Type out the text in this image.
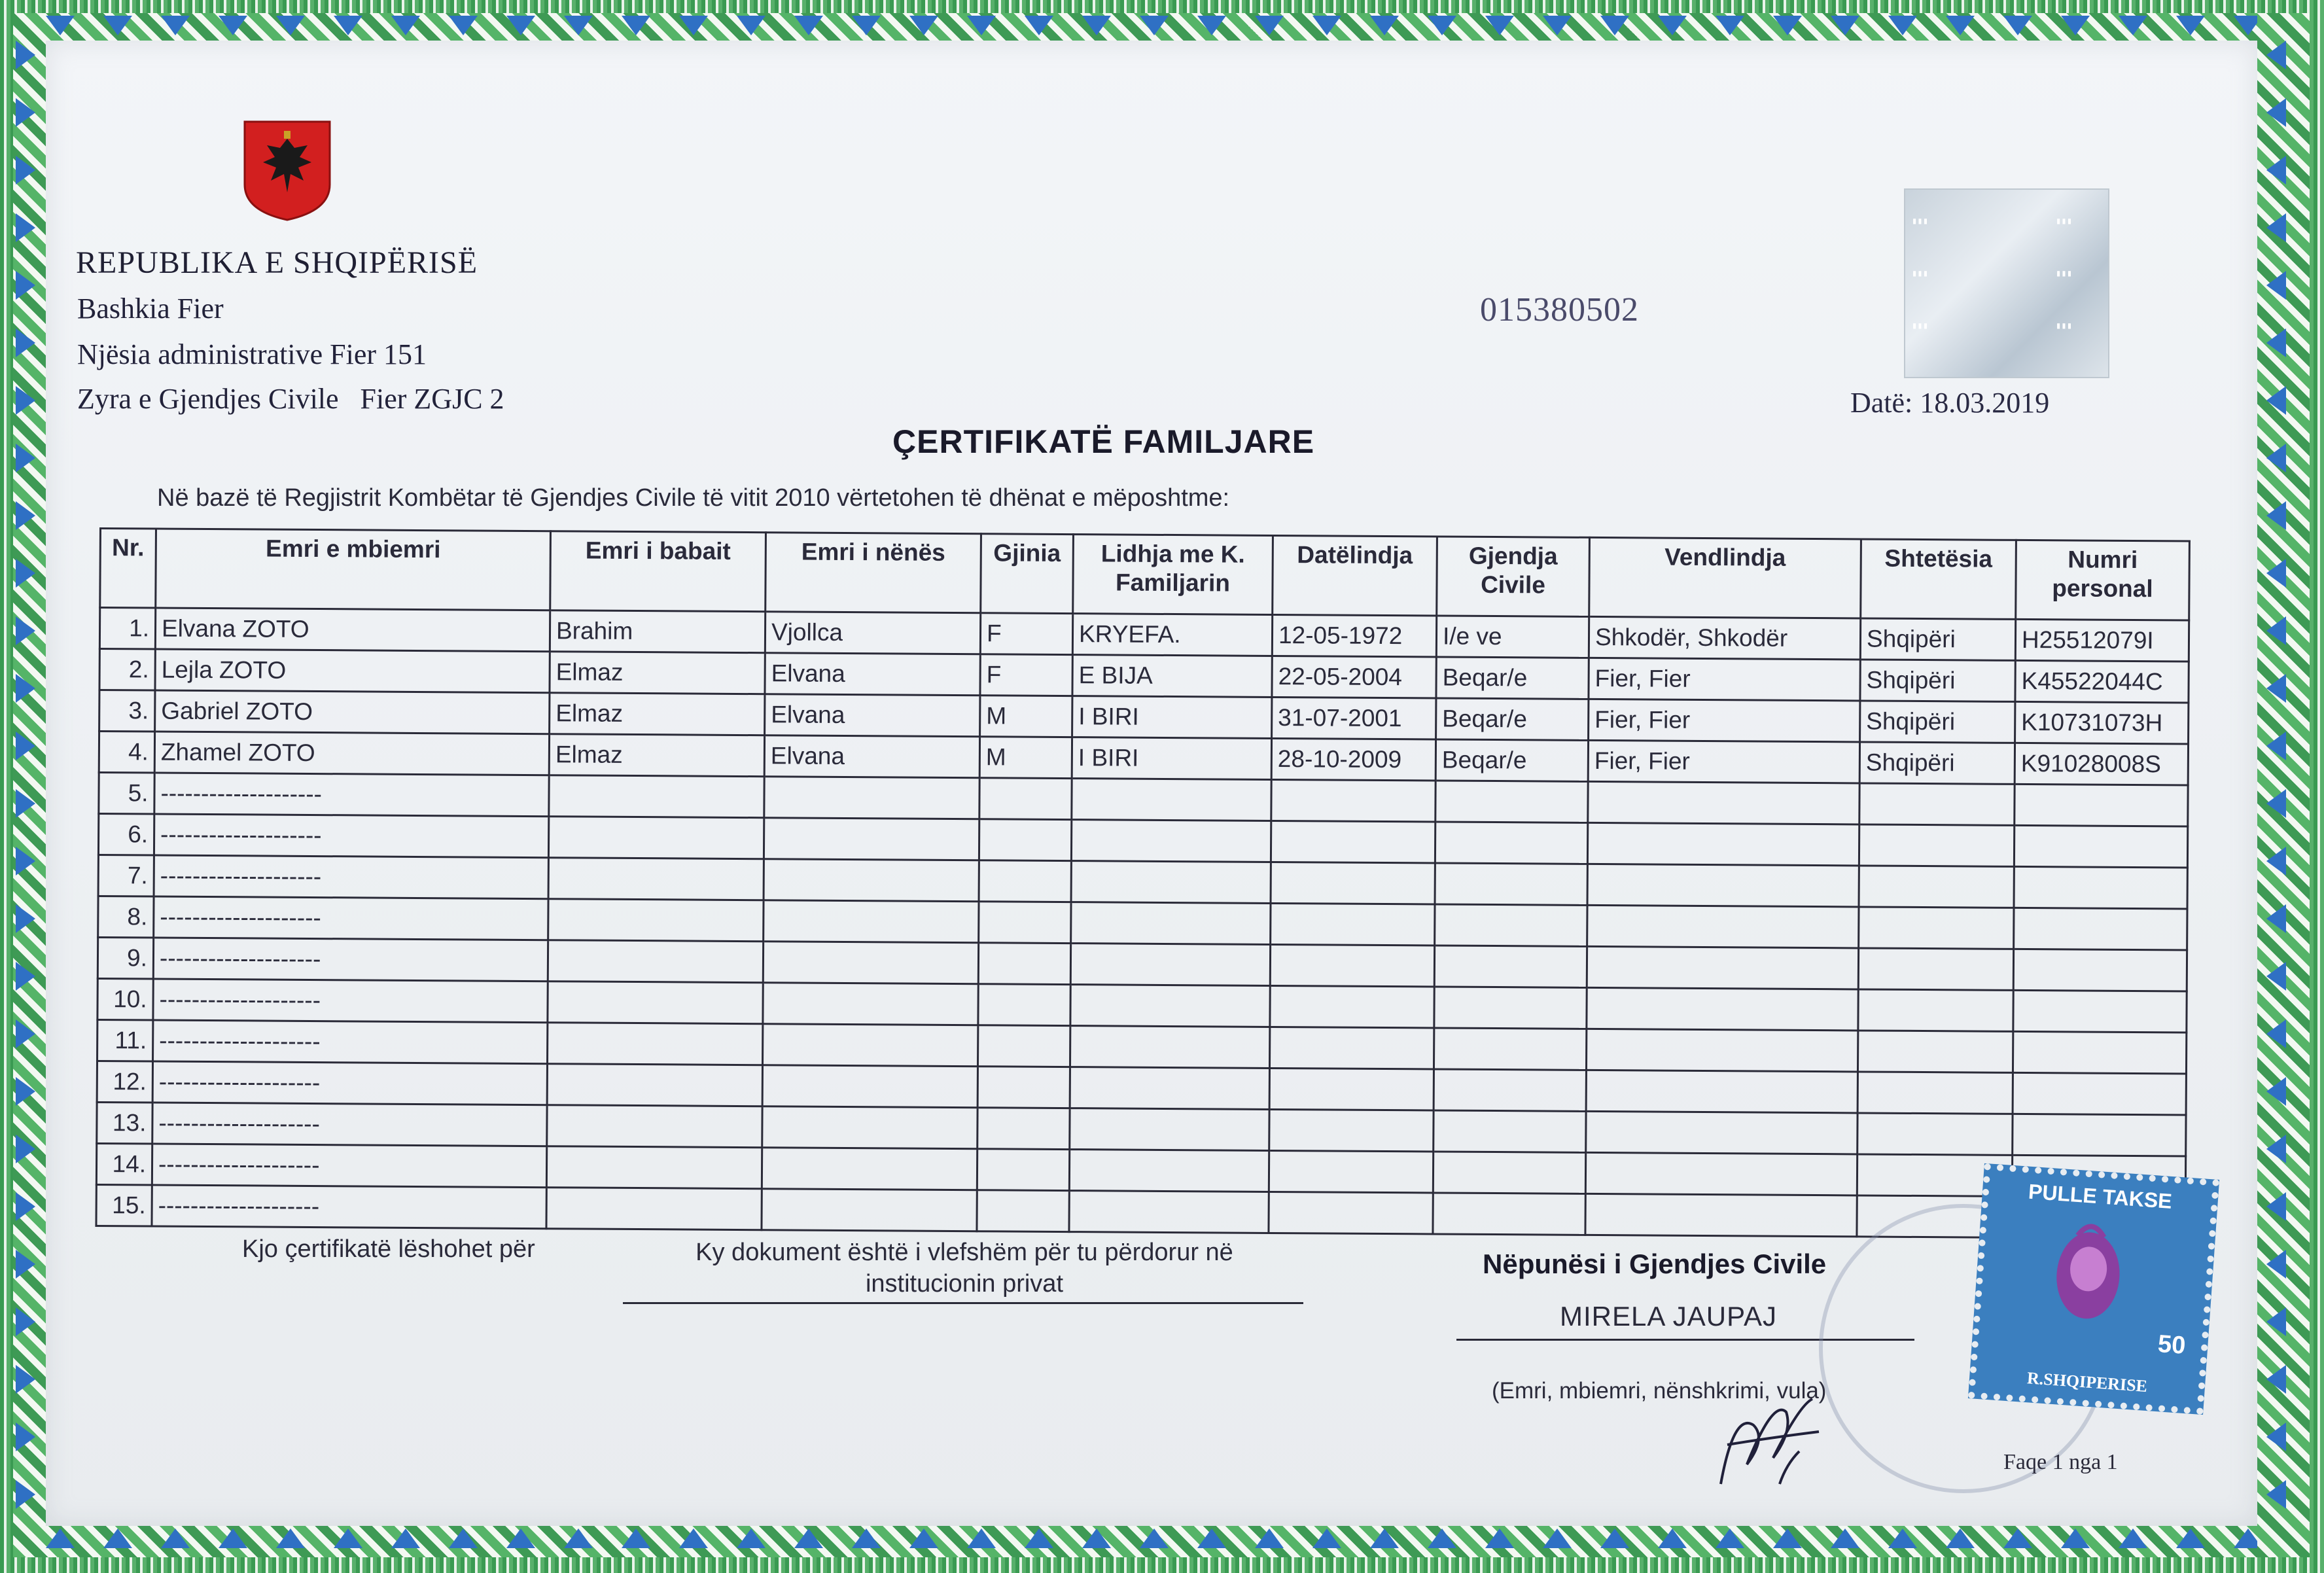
REPUBLIKA E SHQIPËRISË
Bashkia Fier
Njësia administrative Fier 151
Zyra e Gjendjes Civile Fier ZGJC 2
015380502
▮▮▮	▮▮▮
▮▮▮	▮▮▮
▮▮▮	▮▮▮
Datë: 18.03.2019
ÇERTIFIKATË FAMILJARE
Në bazë të Regjistrit Kombëtar të Gjendjes Civile të vitit 2010 vërtetohen të dhënat e mëposhtme:
Nr.	Emri e mbiemri	Emri i babait	Emri i nënës	Gjinia	Lidhja me K. Familjarin	Datëlindja	Gjendja Civile	Vendlindja	Shtetësia	Numri personal
1.	Elvana ZOTO	Brahim	Vjollca	F	KRYEFA.	12-05-1972	I/e ve	Shkodër, Shkodër	Shqipëri	H25512079I
2.	Lejla ZOTO	Elmaz	Elvana	F	E BIJA	22-05-2004	Beqar/e	Fier, Fier	Shqipëri	K45522044C
3.	Gabriel ZOTO	Elmaz	Elvana	M	I BIRI	31-07-2001	Beqar/e	Fier, Fier	Shqipëri	K10731073H
4.	Zhamel ZOTO	Elmaz	Elvana	M	I BIRI	28-10-2009	Beqar/e	Fier, Fier	Shqipëri	K91028008S
5.	--------------------									
6.	--------------------									
7.	--------------------									
8.	--------------------									
9.	--------------------									
10.	--------------------									
11.	--------------------									
12.	--------------------									
13.	--------------------									
14.	--------------------									
15.	--------------------									
Kjo çertifikatë lëshohet për	Ky dokument është i vlefshëm për tu përdorur në
institucionin privat
Nëpunësi i Gjendjes Civile
MIRELA JAUPAJ
(Emri, mbiemri, nënshkrimi, vula)
PULLE TAKSE
50
R.SHQIPERISE
Faqe 1 nga 1
